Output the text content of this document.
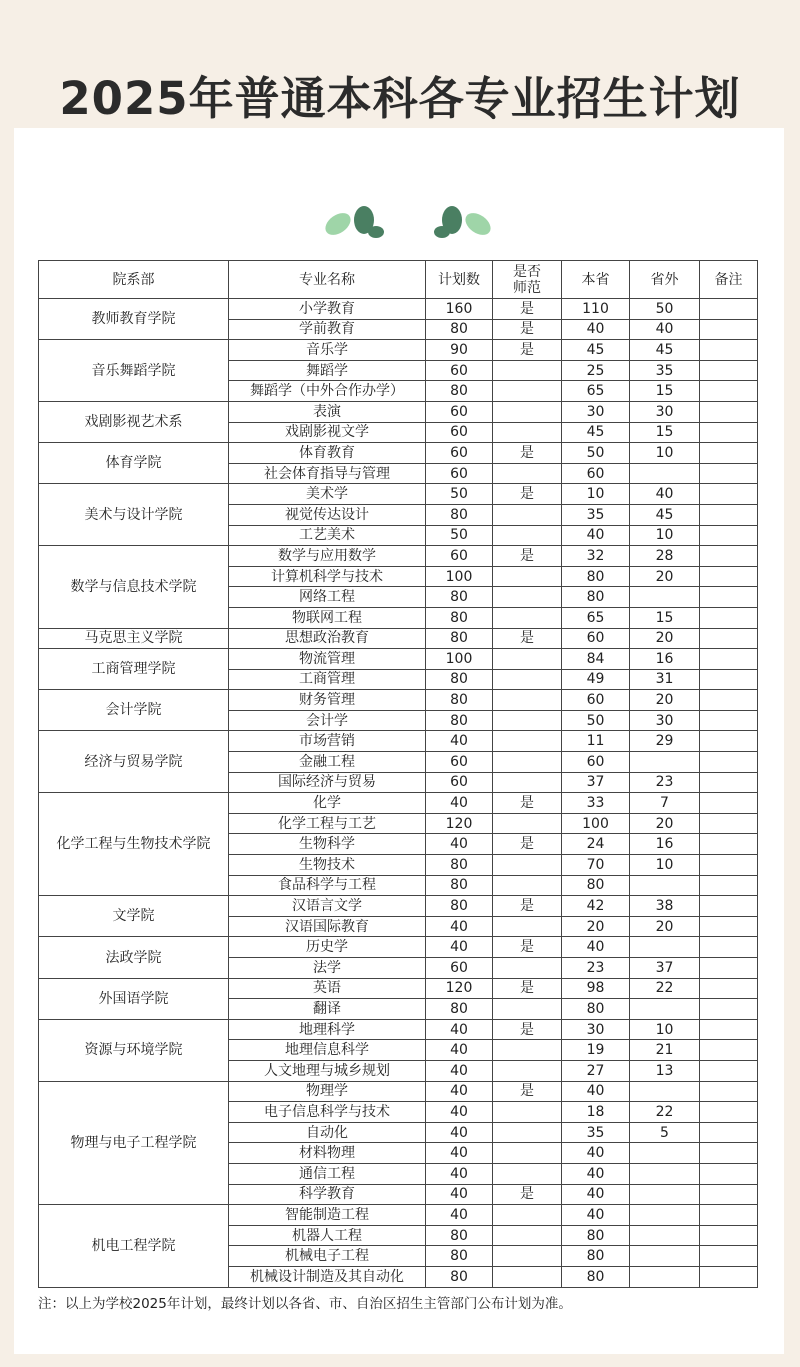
2025年普通本科各专业招生计划
院系部	专业名称	计划数	是否师范	本省	省外	备注
教师教育学院	小学教育	160	是	110	50	
	学前教育	80	是	40	40	
音乐舞蹈学院	音乐学	90	是	45	45	
	舞蹈学	60		25	35	
	舞蹈学（中外合作办学）	80		65	15	
戏剧影视艺术系	表演	60		30	30	
	戏剧影视文学	60		45	15	
体育学院	体育教育	60	是	50	10	
	社会体育指导与管理	60		60		
美术与设计学院	美术学	50	是	10	40	
	视觉传达设计	80		35	45	
	工艺美术	50		40	10	
数学与信息技术学院	数学与应用数学	60	是	32	28	
	计算机科学与技术	100		80	20	
	网络工程	80		80		
	物联网工程	80		65	15	
马克思主义学院	思想政治教育	80	是	60	20	
工商管理学院	物流管理	100		84	16	
	工商管理	80		49	31	
会计学院	财务管理	80		60	20	
	会计学	80		50	30	
经济与贸易学院	市场营销	40		11	29	
	金融工程	60		60		
	国际经济与贸易	60		37	23	
化学工程与生物技术学院	化学	40	是	33	7	
	化学工程与工艺	120		100	20	
	生物科学	40	是	24	16	
	生物技术	80		70	10	
	食品科学与工程	80		80		
文学院	汉语言文学	80	是	42	38	
	汉语国际教育	40		20	20	
法政学院	历史学	40	是	40		
	法学	60		23	37	
外国语学院	英语	120	是	98	22	
	翻译	80		80		
资源与环境学院	地理科学	40	是	30	10	
	地理信息科学	40		19	21	
	人文地理与城乡规划	40		27	13	
物理与电子工程学院	物理学	40	是	40		
	电子信息科学与技术	40		18	22	
	自动化	40		35	5	
	材料物理	40		40		
	通信工程	40		40		
	科学教育	40	是	40		
机电工程学院	智能制造工程	40		40		
	机器人工程	80		80		
	机械电子工程	80		80		
	机械设计制造及其自动化	80		80		
注：以上为学校2025年计划，最终计划以各省、市、自治区招生主管部门公布计划为准。
